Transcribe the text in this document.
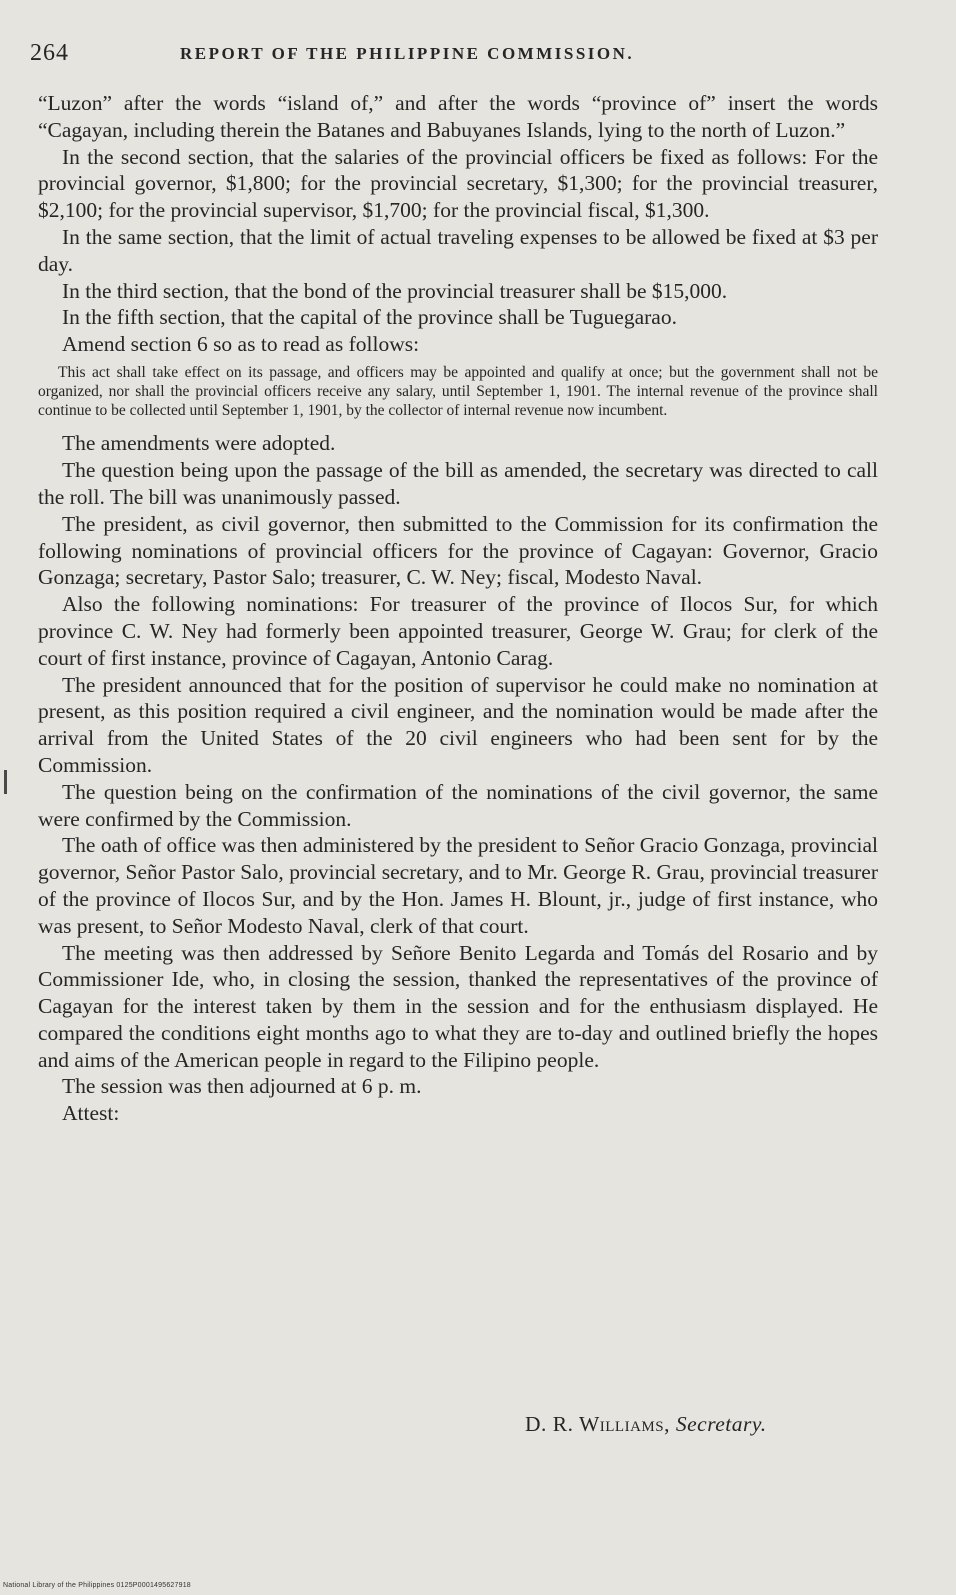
264	REPORT OF THE PHILIPPINE COMMISSION.

“Luzon” after the words “island of,” and after the words “province of” insert the words “Cagayan, including therein the Batanes and Babuyanes Islands, lying to the north of Luzon.”

In the second section, that the salaries of the provincial officers be fixed as follows: For the provincial governor, $1,800; for the provincial secretary, $1,300; for the provincial treasurer, $2,100; for the provincial supervisor, $1,700; for the provincial fiscal, $1,300.

In the same section, that the limit of actual traveling expenses to be allowed be fixed at $3 per day.

In the third section, that the bond of the provincial treasurer shall be $15,000.

In the fifth section, that the capital of the province shall be Tuguegarao.

Amend section 6 so as to read as follows:

This act shall take effect on its passage, and officers may be appointed and qualify at once; but the government shall not be organized, nor shall the provincial officers receive any salary, until September 1, 1901. The internal revenue of the province shall continue to be collected until September 1, 1901, by the collector of internal revenue now incumbent.

The amendments were adopted.

The question being upon the passage of the bill as amended, the secretary was directed to call the roll. The bill was unanimously passed.

The president, as civil governor, then submitted to the Commission for its confirmation the following nominations of provincial officers for the province of Cagayan: Governor, Gracio Gonzaga; secretary, Pastor Salo; treasurer, C. W. Ney; fiscal, Modesto Naval.

Also the following nominations: For treasurer of the province of Ilocos Sur, for which province C. W. Ney had formerly been appointed treasurer, George W. Grau; for clerk of the court of first instance, province of Cagayan, Antonio Carag.

The president announced that for the position of supervisor he could make no nomination at present, as this position required a civil engineer, and the nomination would be made after the arrival from the United States of the 20 civil engineers who had been sent for by the Commission.

The question being on the confirmation of the nominations of the civil governor, the same were confirmed by the Commission.

The oath of office was then administered by the president to Señor Gracio Gonzaga, provincial governor, Señor Pastor Salo, provincial secretary, and to Mr. George R. Grau, provincial treasurer of the province of Ilocos Sur, and by the Hon. James H. Blount, jr., judge of first instance, who was present, to Señor Modesto Naval, clerk of that court.

The meeting was then addressed by Señore Benito Legarda and Tomás del Rosario and by Commissioner Ide, who, in closing the session, thanked the representatives of the province of Cagayan for the interest taken by them in the session and for the enthusiasm displayed. He compared the conditions eight months ago to what they are to-day and outlined briefly the hopes and aims of the American people in regard to the Filipino people.

The session was then adjourned at 6 p. m.

Attest:

D. R. Williams, Secretary.
National Library of the Philippines 0125P0001495627918
